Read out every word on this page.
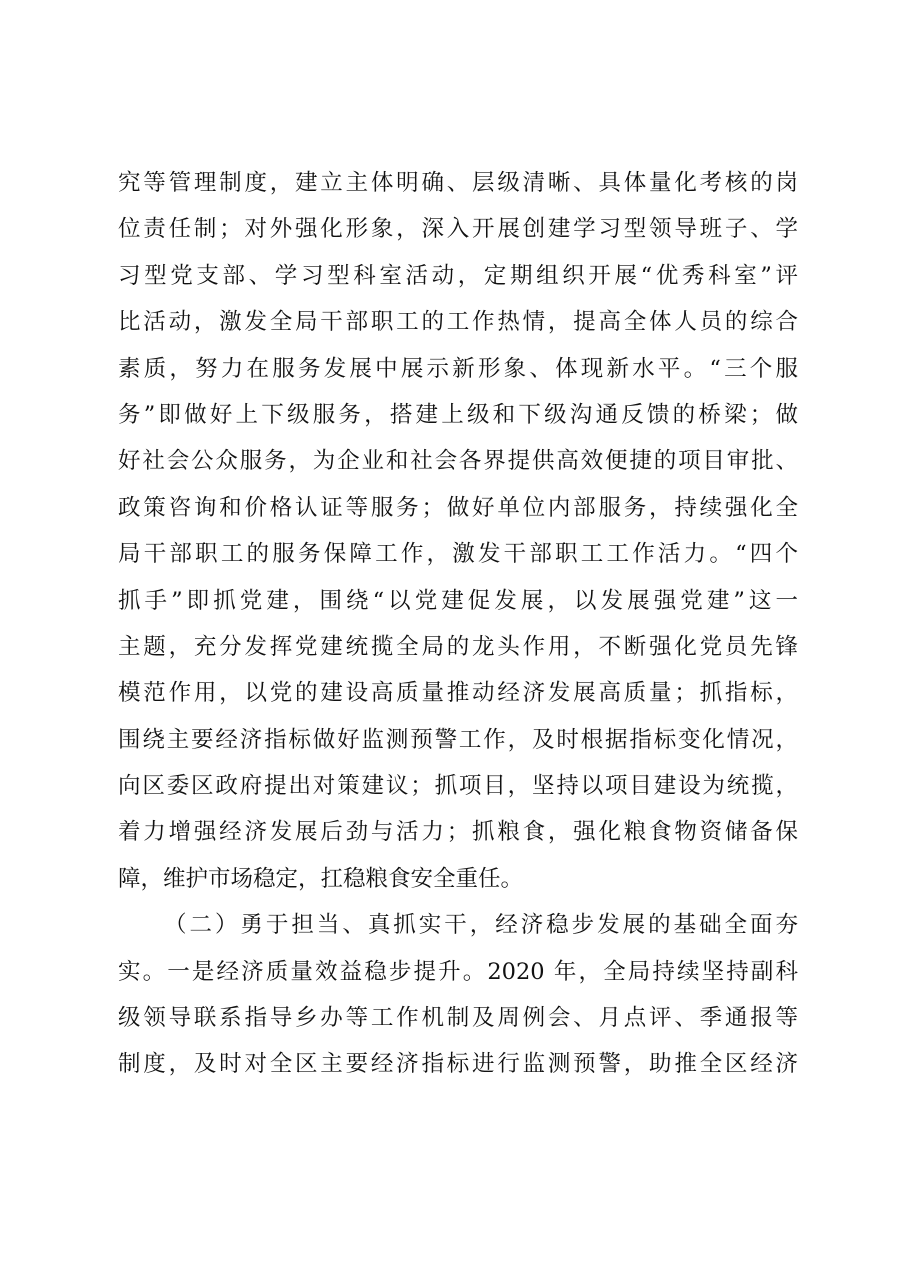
究等管理制度，建立主体明确、层级清晰、具体量化考核的岗
位责任制；对外强化形象，深入开展创建学习型领导班子、学
习型党支部、学习型科室活动，定期组织开展“优秀科室”评
比活动，激发全局干部职工的工作热情，提高全体人员的综合
素质，努力在服务发展中展示新形象、体现新水平。“三个服
务”即做好上下级服务，搭建上级和下级沟通反馈的桥梁；做
好社会公众服务，为企业和社会各界提供高效便捷的项目审批、
政策咨询和价格认证等服务；做好单位内部服务，持续强化全
局干部职工的服务保障工作，激发干部职工工作活力。“四个
抓手”即抓党建，围绕“以党建促发展，以发展强党建”这一
主题，充分发挥党建统揽全局的龙头作用，不断强化党员先锋
模范作用，以党的建设高质量推动经济发展高质量；抓指标，
围绕主要经济指标做好监测预警工作，及时根据指标变化情况，
向区委区政府提出对策建议；抓项目，坚持以项目建设为统揽，
着力增强经济发展后劲与活力；抓粮食，强化粮食物资储备保
障，维护市场稳定，扛稳粮食安全重任。
（二）勇于担当、真抓实干，经济稳步发展的基础全面夯
实。一是经济质量效益稳步提升。2020 年，全局持续坚持副科
级领导联系指导乡办等工作机制及周例会、月点评、季通报等
制度，及时对全区主要经济指标进行监测预警，助推全区经济
